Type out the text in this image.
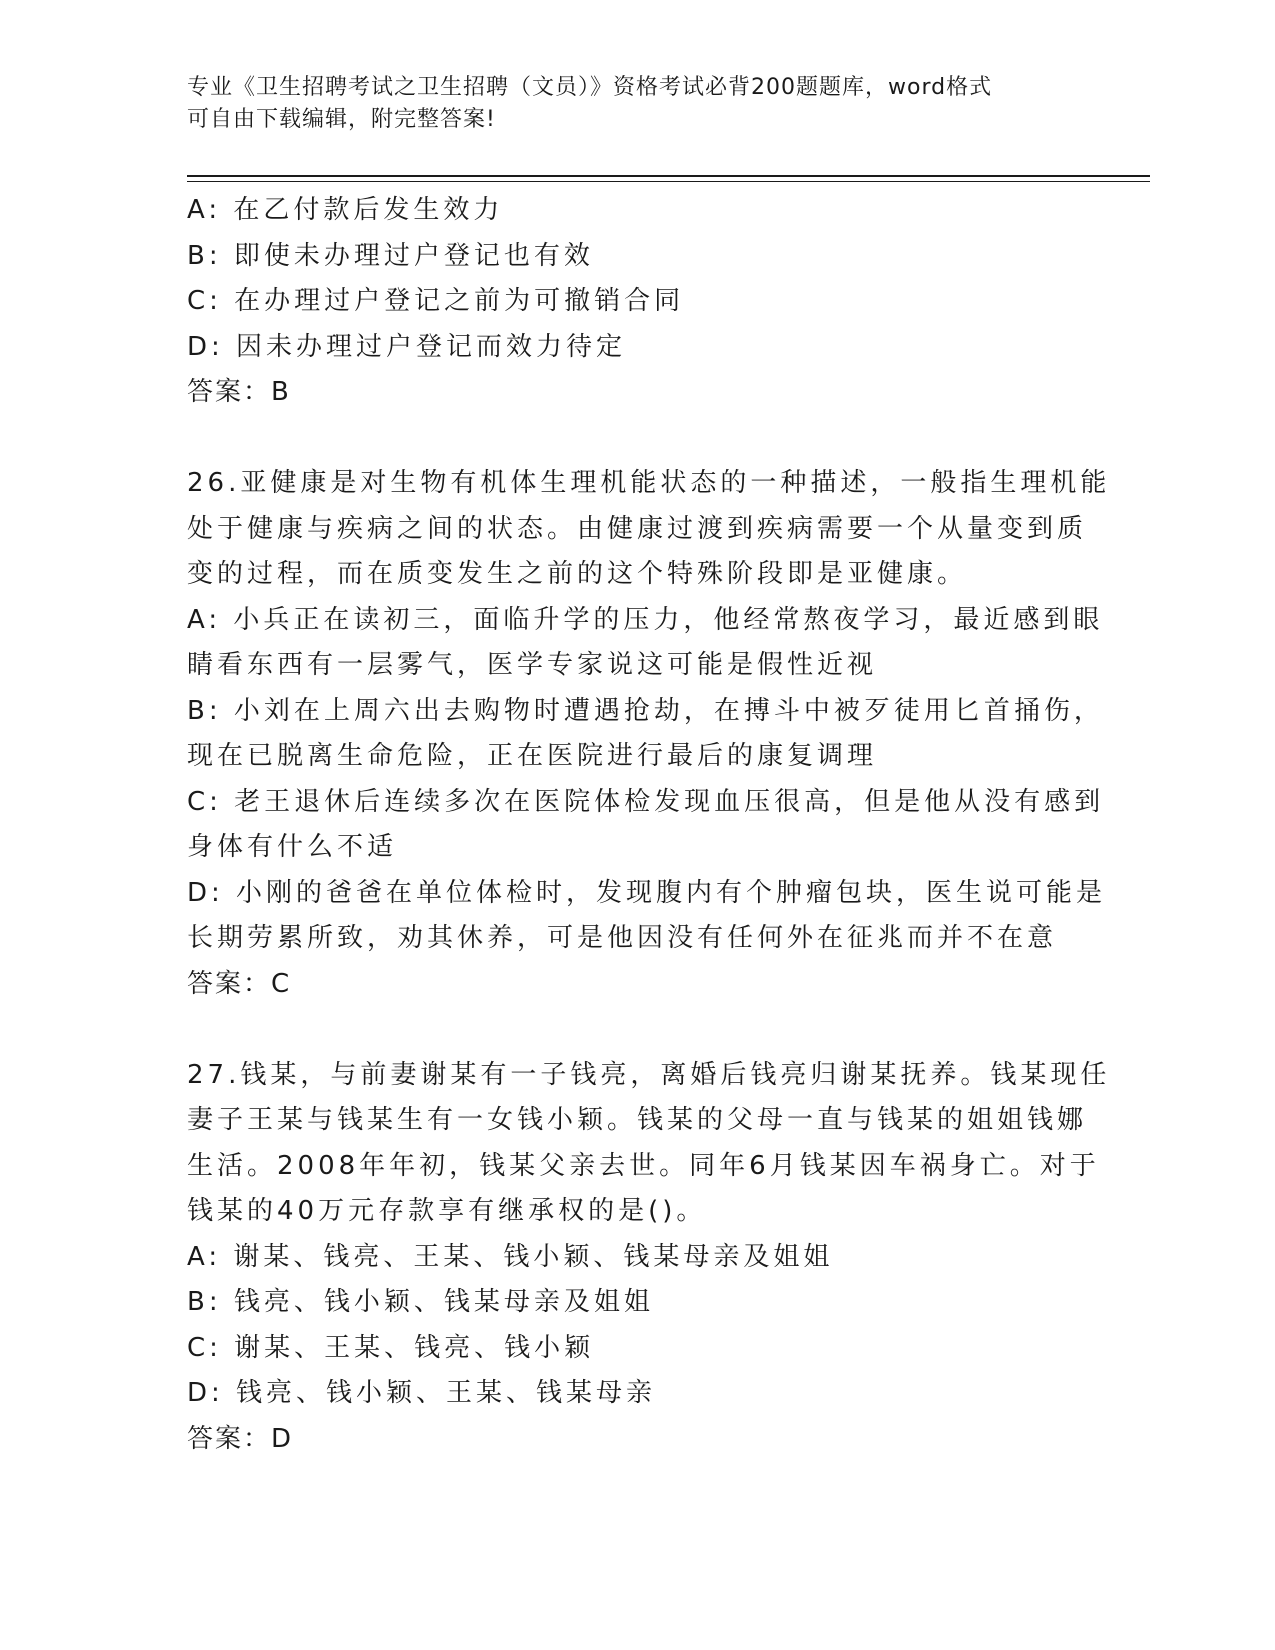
专业《卫生招聘考试之卫生招聘（文员）》资格考试必背200题题库，word格式
可自由下载编辑，附完整答案!
A: 在乙付款后发生效力
B: 即使未办理过户登记也有效
C: 在办理过户登记之前为可撤销合同
D: 因未办理过户登记而效力待定
答案：B
26.亚健康是对生物有机体生理机能状态的一种描述，一般指生理机能
处于健康与疾病之间的状态。由健康过渡到疾病需要一个从量变到质
变的过程，而在质变发生之前的这个特殊阶段即是亚健康。
A: 小兵正在读初三，面临升学的压力，他经常熬夜学习，最近感到眼
睛看东西有一层雾气，医学专家说这可能是假性近视
B: 小刘在上周六出去购物时遭遇抢劫，在搏斗中被歹徒用匕首捅伤，
现在已脱离生命危险，正在医院进行最后的康复调理
C: 老王退休后连续多次在医院体检发现血压很高，但是他从没有感到
身体有什么不适
D: 小刚的爸爸在单位体检时，发现腹内有个肿瘤包块，医生说可能是
长期劳累所致，劝其休养，可是他因没有任何外在征兆而并不在意
答案：C
27.钱某，与前妻谢某有一子钱亮，离婚后钱亮归谢某抚养。钱某现任
妻子王某与钱某生有一女钱小颖。钱某的父母一直与钱某的姐姐钱娜
生活。2008年年初，钱某父亲去世。同年6月钱某因车祸身亡。对于
钱某的40万元存款享有继承权的是()。
A: 谢某、钱亮、王某、钱小颖、钱某母亲及姐姐
B: 钱亮、钱小颖、钱某母亲及姐姐
C: 谢某、王某、钱亮、钱小颖
D: 钱亮、钱小颖、王某、钱某母亲
答案：D
